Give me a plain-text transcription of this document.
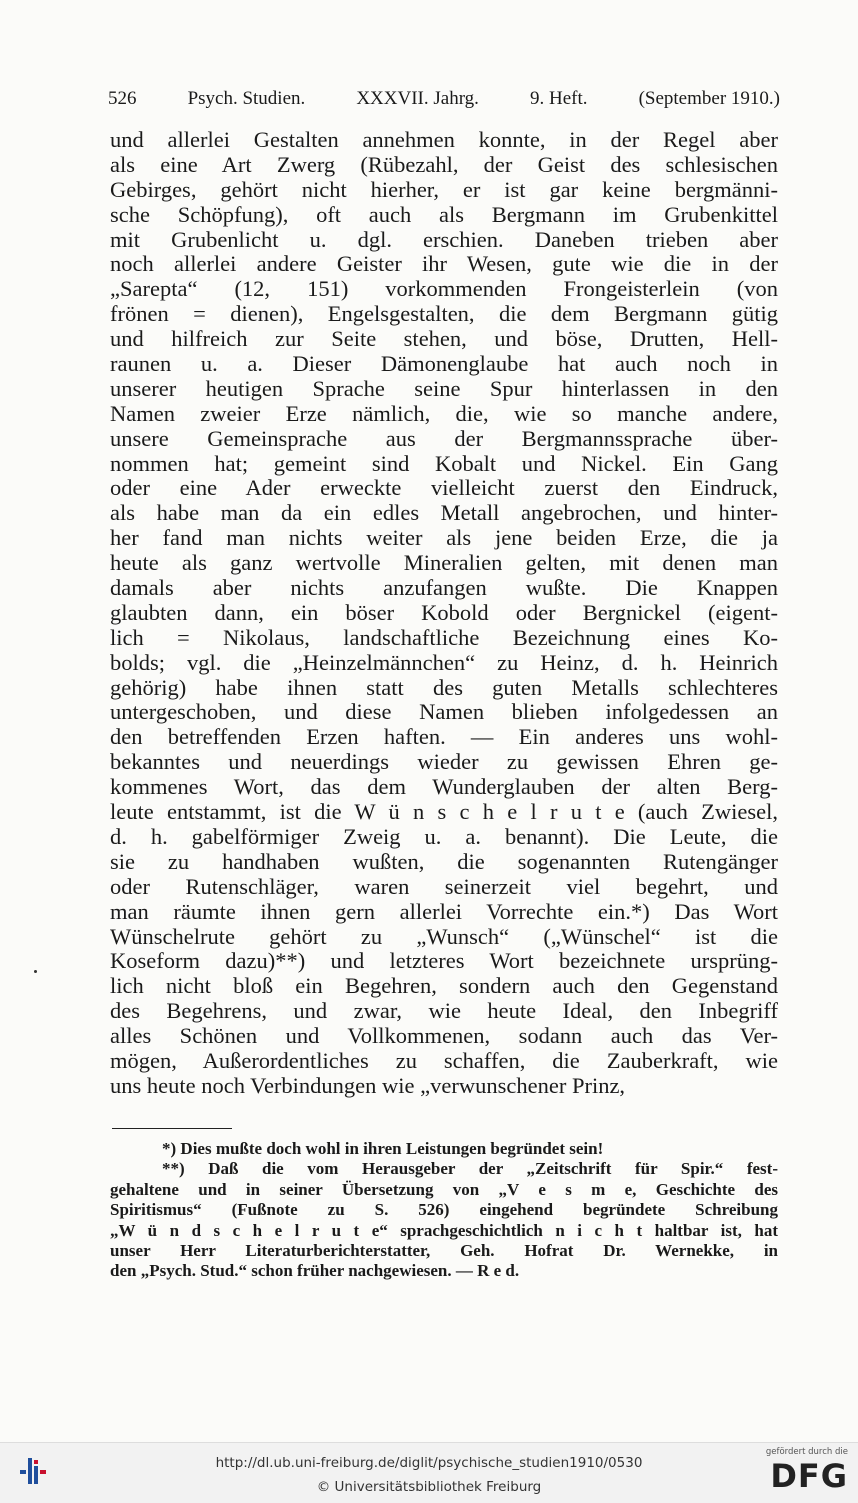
526	Psych. Studien.	XXXVII. Jahrg.	9. Heft.	(September 1910.)
und allerlei Gestalten annehmen konnte, in der Regel aber
als eine Art Zwerg (Rübezahl, der Geist des schlesischen
Gebirges, gehört nicht hierher, er ist gar keine bergmänni-
sche Schöpfung), oft auch als Bergmann im Grubenkittel
mit Grubenlicht u. dgl. erschien. Daneben trieben aber
noch allerlei andere Geister ihr Wesen, gute wie die in der
„Sarepta“ (12, 151) vorkommenden Frongeisterlein (von
frönen = dienen), Engelsgestalten, die dem Bergmann gütig
und hilfreich zur Seite stehen, und böse, Drutten, Hell-
raunen u. a. Dieser Dämonenglaube hat auch noch in
unserer heutigen Sprache seine Spur hinterlassen in den
Namen zweier Erze nämlich, die, wie so manche andere,
unsere Gemeinsprache aus der Bergmannssprache über-
nommen hat; gemeint sind Kobalt und Nickel. Ein Gang
oder eine Ader erweckte vielleicht zuerst den Eindruck,
als habe man da ein edles Metall angebrochen, und hinter-
her fand man nichts weiter als jene beiden Erze, die ja
heute als ganz wertvolle Mineralien gelten, mit denen man
damals aber nichts anzufangen wußte. Die Knappen
glaubten dann, ein böser Kobold oder Bergnickel (eigent-
lich = Nikolaus, landschaftliche Bezeichnung eines Ko-
bolds; vgl. die „Heinzelmännchen“ zu Heinz, d. h. Heinrich
gehörig) habe ihnen statt des guten Metalls schlechteres
untergeschoben, und diese Namen blieben infolgedessen an
den betreffenden Erzen haften. — Ein anderes uns wohl-
bekanntes und neuerdings wieder zu gewissen Ehren ge-
kommenes Wort, das dem Wunderglauben der alten Berg-
leute entstammt, ist die W ü n s c h e l r u t e (auch Zwiesel,
d. h. gabelförmiger Zweig u. a. benannt). Die Leute, die
sie zu handhaben wußten, die sogenannten Rutengänger
oder Rutenschläger, waren seinerzeit viel begehrt, und
man räumte ihnen gern allerlei Vorrechte ein.*) Das Wort
Wünschelrute gehört zu „Wunsch“ („Wünschel“ ist die
Koseform dazu)**) und letzteres Wort bezeichnete ursprüng-
lich nicht bloß ein Begehren, sondern auch den Gegenstand
des Begehrens, und zwar, wie heute Ideal, den Inbegriff
alles Schönen und Vollkommenen, sodann auch das Ver-
mögen, Außerordentliches zu schaffen, die Zauberkraft, wie
uns heute noch Verbindungen wie „verwunschener Prinz,
*) Dies mußte doch wohl in ihren Leistungen begründet sein!
**) Daß die vom Herausgeber der „Zeitschrift für Spir.“ fest-
gehaltene und in seiner Übersetzung von „V e s m e, Geschichte des
Spiritismus“ (Fußnote zu S. 526) eingehend begründete Schreibung
„W ü n d s c h e l r u t e“ sprachgeschichtlich n i c h t haltbar ist, hat
unser Herr Literaturberichterstatter, Geh. Hofrat Dr. Wernekke, in
den „Psych. Stud.“ schon früher nachgewiesen. — R e d.
http://dl.ub.uni-freiburg.de/diglit/psychische_studien1910/0530
© Universitätsbibliothek Freiburg
gefördert durch die
DFG
